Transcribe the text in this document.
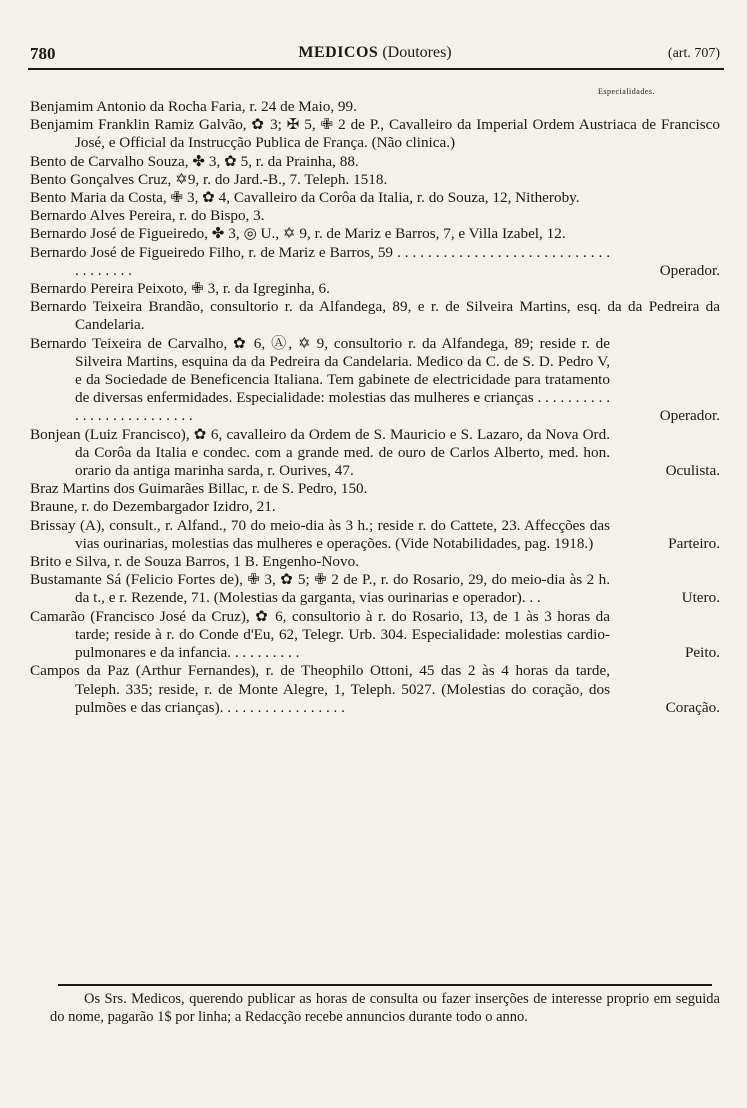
780	MEDICOS (Doutores)	(art. 707)
Especialidades.
Benjamim Antonio da Rocha Faria, r. 24 de Maio, 99.
Benjamim Franklin Ramiz Galvão, ✿ 3; ✠ 5, ✙ 2 de P., Cavalleiro da Imperial Ordem Austriaca de Francisco José, e Official da Instrucção Publica de França. (Não clinica.)
Bento de Carvalho Souza, ✤ 3, ✿ 5, r. da Prainha, 88.
Bento Gonçalves Cruz, ✡9, r. do Jard.-B., 7. Teleph. 1518.
Bento Maria da Costa, ✙ 3, ✿ 4, Cavalleiro da Corôa da Italia, r. do Souza, 12, Nitheroby.
Bernardo Alves Pereira, r. do Bispo, 3.
Bernardo José de Figueiredo, ✤ 3, ◎ U., ✡ 9, r. de Mariz e Barros, 7, e Villa Izabel, 12.
Bernardo José de Figueiredo Filho, r. de Mariz e Barros, 59 . . . . . . . . . . . . . . . . . . . . . . . . . . . . . . . . . . . .	Operador.
Bernardo Pereira Peixoto, ✙ 3, r. da Igreginha, 6.
Bernardo Teixeira Brandão, consultorio r. da Alfandega, 89, e r. de Silveira Martins, esq. da da Pedreira da Candelaria.
Bernardo Teixeira de Carvalho, ✿ 6, Ⓐ, ✡ 9, consultorio r. da Alfandega, 89; reside r. de Silveira Martins, esquina da da Pedreira da Candelaria. Medico da C. de S. D. Pedro V, e da Sociedade de Beneficencia Italiana. Tem gabinete de electricidade para tratamento de diversas enfermidades. Especialidade: molestias das mulheres e crianças . . . . . . . . . . . . . . . . . . . . . . . . . .	Operador.
Bonjean (Luiz Francisco), ✿ 6, cavalleiro da Ordem de S. Mauricio e S. Lazaro, da Nova Ord. da Corôa da Italia e condec. com a grande med. de ouro de Carlos Alberto, med. hon. orario da antiga marinha sarda, r. Ourives, 47.	Oculista.
Braz Martins dos Guimarães Billac, r. de S. Pedro, 150.
Braune, r. do Dezembargador Izidro, 21.
Brissay (A), consult., r. Alfand., 70 do meio-dia às 3 h.; reside r. do Cattete, 23. Affecções das vias ourinarias, molestias das mulheres e operações. (Vide Notabilidades, pag. 1918.)	Parteiro.
Brito e Silva, r. de Souza Barros, 1 B. Engenho-Novo.
Bustamante Sá (Felicio Fortes de), ✙ 3, ✿ 5; ✙ 2 de P., r. do Rosario, 29, do meio-dia às 2 h. da t., e r. Rezende, 71. (Molestias da garganta, vias ourinarias e operador). . .	Utero.
Camarão (Francisco José da Cruz), ✿ 6, consultorio à r. do Rosario, 13, de 1 às 3 horas da tarde; reside à r. do Conde d'Eu, 62, Telegr. Urb. 304. Especialidade: molestias cardio-pulmonares e da infancia. . . . . . . . . .	Peito.
Campos da Paz (Arthur Fernandes), r. de Theophilo Ottoni, 45 das 2 às 4 horas da tarde, Teleph. 335; reside, r. de Monte Alegre, 1, Teleph. 5027. (Molestias do coração, dos pulmões e das crianças). . . . . . . . . . . . . . . . .	Coração.
Os Srs. Medicos, querendo publicar as horas de consulta ou fazer inserções de interesse proprio em seguida do nome, pagarão 1$ por linha; a Redacção recebe annuncios durante todo o anno.
